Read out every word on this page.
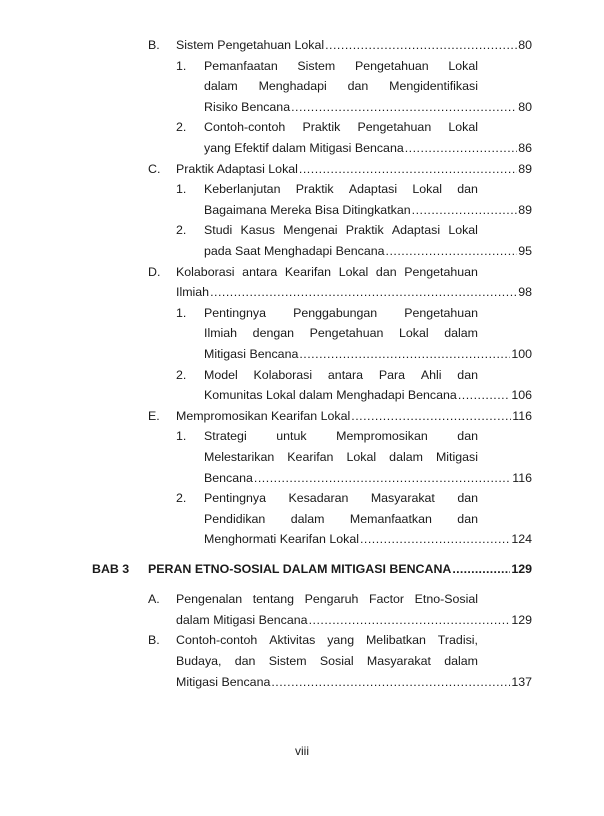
B. Sistem Pengetahuan Lokal .....	80
1. Pemanfaatan Sistem Pengetahuan Lokal
dalam Menghadapi dan Mengidentifikasi
Risiko Bencana .....	80
2. Contoh-contoh Praktik Pengetahuan Lokal
yang Efektif dalam Mitigasi Bencana .....	86
C. Praktik Adaptasi Lokal .....	89
1. Keberlanjutan Praktik Adaptasi Lokal dan
Bagaimana Mereka Bisa Ditingkatkan .....	89
2. Studi Kasus Mengenai Praktik Adaptasi Lokal
pada Saat Menghadapi Bencana .....	95
D. Kolaborasi antara Kearifan Lokal dan Pengetahuan
Ilmiah .....	98
1. Pentingnya Penggabungan Pengetahuan
Ilmiah dengan Pengetahuan Lokal dalam
Mitigasi Bencana .....	100
2. Model Kolaborasi antara Para Ahli dan
Komunitas Lokal dalam Menghadapi Bencana .....	106
E. Mempromosikan Kearifan Lokal .....	116
1. Strategi untuk Mempromosikan dan
Melestarikan Kearifan Lokal dalam Mitigasi
Bencana .....	116
2. Pentingnya Kesadaran Masyarakat dan
Pendidikan dalam Memanfaatkan dan
Menghormati Kearifan Lokal .....	124
BAB 3 PERAN ETNO-SOSIAL DALAM MITIGASI BENCANA .....	129
A. Pengenalan tentang Pengaruh Factor Etno-Sosial
dalam Mitigasi Bencana .....	129
B. Contoh-contoh Aktivitas yang Melibatkan Tradisi,
Budaya, dan Sistem Sosial Masyarakat dalam
Mitigasi Bencana .....	137
viii
